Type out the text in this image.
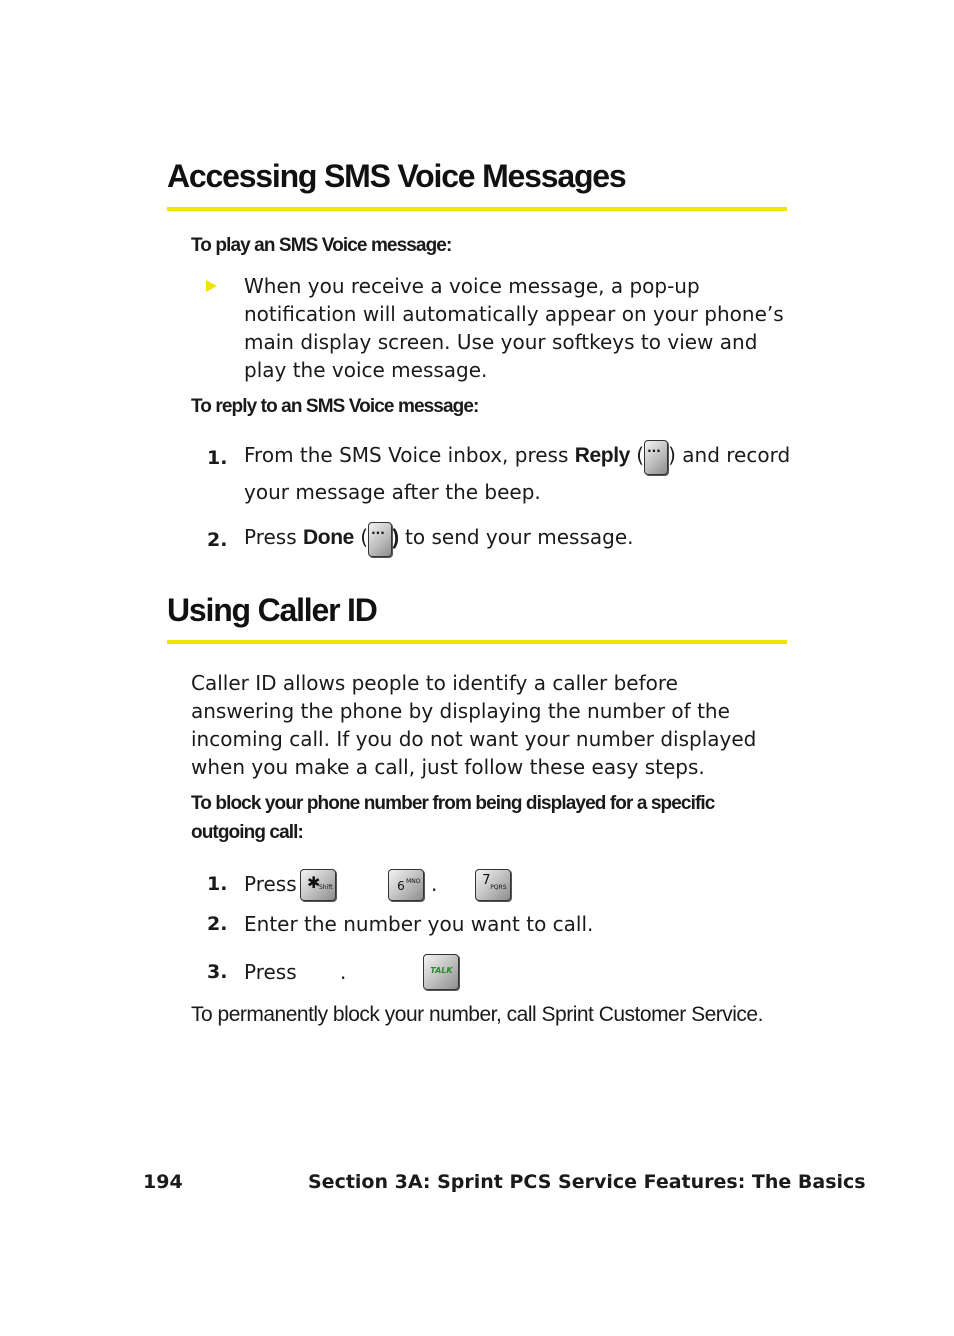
Accessing SMS Voice Messages
To play an SMS Voice message:
When you receive a voice message, a pop-up notification will automatically appear on your phone’s main display screen. Use your softkeys to view and play the voice message.
To reply to an SMS Voice message:
1. From the SMS Voice inbox, press Reply ( ··· ) and record
your message after the beep.
2. Press Done ( ··· ) to send your message.
Using Caller ID
Caller ID allows people to identify a caller before answering the phone by displaying the number of the incoming call. If you do not want your number displayed when you make a call, just follow these easy steps.
To block your phone number from being displayed for a specific
outgoing call:
1. Press ✱
Shift
	6 MNO
	7 PQRS

.
2. Enter the number you want to call.
3. Press	TALK
.
To permanently block your number, call Sprint Customer Service.
194	Section 3A: Sprint PCS Service Features: The Basics
